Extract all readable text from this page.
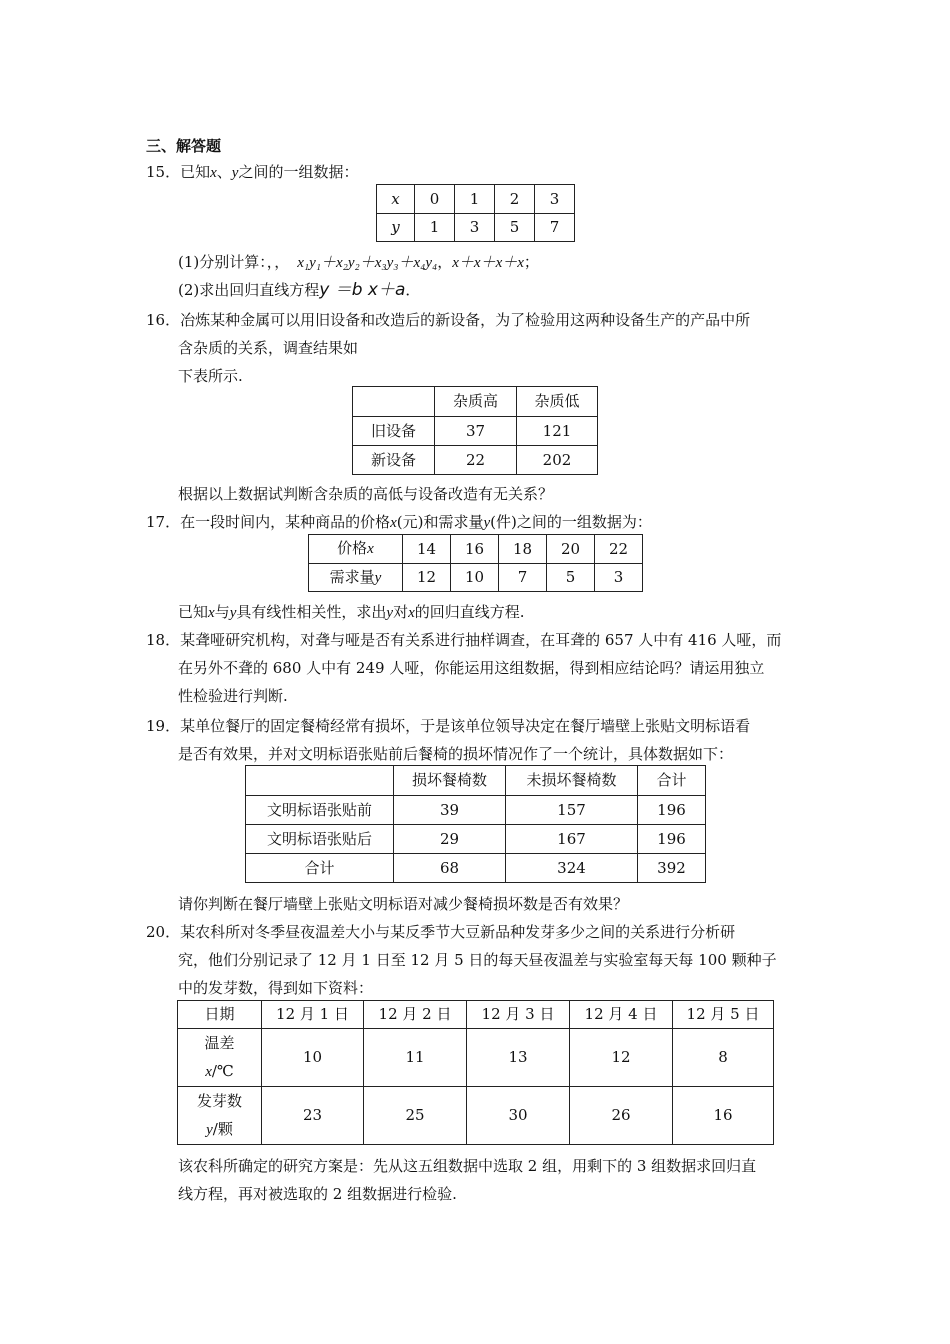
三、解答题
15．已知x、y之间的一组数据：
x	0	1	2	3
y	1	3	5	7
(1)分别计算：，， x₁y₁＋x₂y₂＋x₃y₃＋x₄y₄，x＋x＋x＋x；
(2)求出回归直线方程y ＝b x＋a．
16．冶炼某种金属可以用旧设备和改造后的新设备，为了检验用这两种设备生产的产品中所
含杂质的关系，调查结果如
下表所示.
	杂质高	杂质低
旧设备	37	121
新设备	22	202
根据以上数据试判断含杂质的高低与设备改造有无关系？
17．在一段时间内，某种商品的价格x(元)和需求量y(件)之间的一组数据为：
价格x	14	16	18	20	22
需求量y	12	10	7	5	3
已知x与y具有线性相关性，求出y对x的回归直线方程.
18．某聋哑研究机构，对聋与哑是否有关系进行抽样调查，在耳聋的 657 人中有 416 人哑，而
在另外不聋的 680 人中有 249 人哑，你能运用这组数据，得到相应结论吗？请运用独立
性检验进行判断.
19．某单位餐厅的固定餐椅经常有损坏，于是该单位领导决定在餐厅墙壁上张贴文明标语看
是否有效果，并对文明标语张贴前后餐椅的损坏情况作了一个统计，具体数据如下：
	损坏餐椅数	未损坏餐椅数	合计
文明标语张贴前	39	157	196
文明标语张贴后	29	167	196
合计	68	324	392
请你判断在餐厅墙壁上张贴文明标语对减少餐椅损坏数是否有效果？
20．某农科所对冬季昼夜温差大小与某反季节大豆新品种发芽多少之间的关系进行分析研
究，他们分别记录了 12 月 1 日至 12 月 5 日的每天昼夜温差与实验室每天每 100 颗种子
中的发芽数，得到如下资料：
日期	12 月 1 日	12 月 2 日	12 月 3 日	12 月 4 日	12 月 5 日
温差
x/℃	10	11	13	12	8
发芽数
y/颗	23	25	30	26	16
该农科所确定的研究方案是：先从这五组数据中选取 2 组，用剩下的 3 组数据求回归直
线方程，再对被选取的 2 组数据进行检验.
